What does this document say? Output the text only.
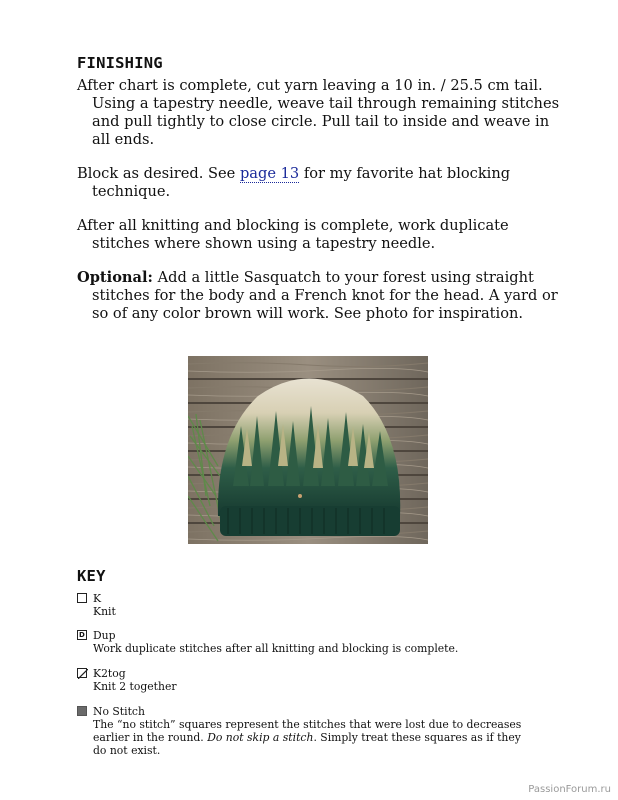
FINISHING

After chart is complete, cut yarn leaving a 10 in. / 25.5 cm tail. Using a tapestry needle, weave tail through remaining stitches and pull tightly to close circle. Pull tail to inside and weave in all ends.

Block as desired. See page 13 for my favorite hat blocking technique.

After all knitting and blocking is complete, work duplicate stitches where shown using a tapestry needle.

Optional: Add a little Sasquatch to your forest using straight stitches for the body and a French knot for the head. A yard or so of any color brown will work. See photo for inspiration.

KEY
K
Knit
D
Dup
Work duplicate stitches after all knitting and blocking is complete.
K2tog
Knit 2 together
No Stitch
The “no stitch” squares represent the stitches that were lost due to decreases earlier in the round. Do not skip a stitch. Simply treat these squares as if they do not exist.
PassionForum.ru
